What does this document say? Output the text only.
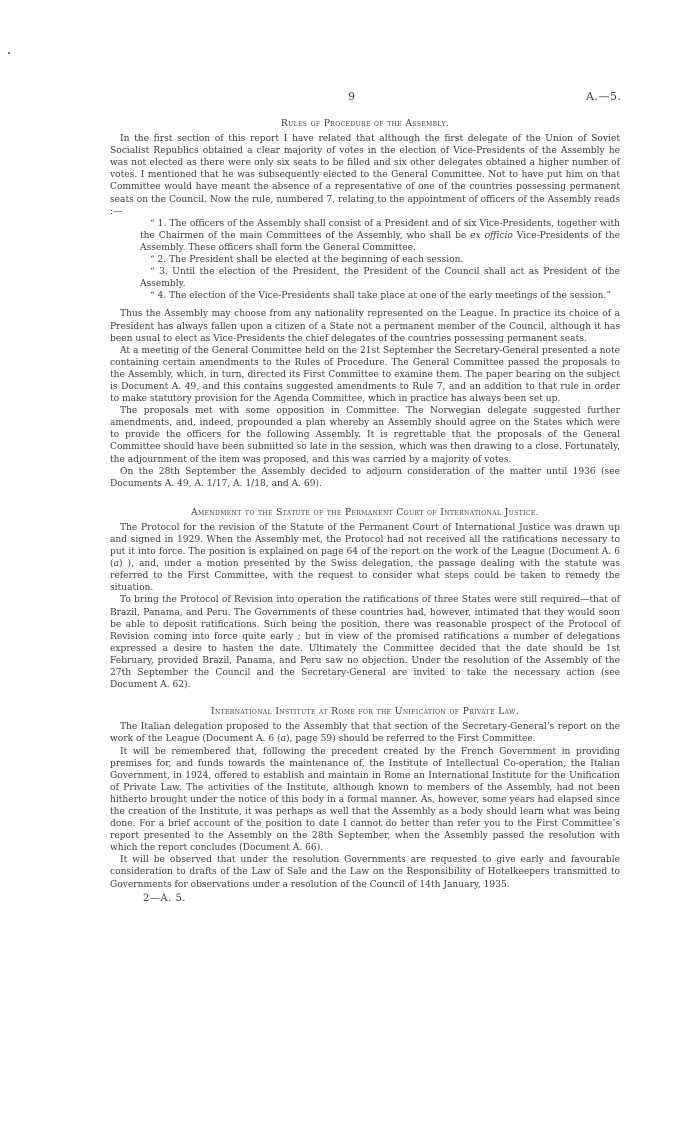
9	A.—5.
Rules of Procedure of the Assembly.

In the first section of this report I have related that although the first delegate of the Union of Soviet Socialist Republics obtained a clear majority of votes in the election of Vice-Presidents of the Assembly he was not elected as there were only six seats to be filled and six other delegates obtained a higher number of votes. I mentioned that he was subsequently elected to the General Committee. Not to have put him on that Committee would have meant the absence of a representative of one of the countries possessing permanent seats on the Council. Now the rule, numbered 7, relating to the appointment of officers of the Assembly reads :—

“ 1. The officers of the Assembly shall consist of a President and of six Vice-Presidents, together with the Chairmen of the main Committees of the Assembly, who shall be ex officio Vice-Presidents of the Assembly. These officers shall form the General Committee.

“ 2. The President shall be elected at the beginning of each session.

“ 3. Until the election of the President, the President of the Council shall act as President of the Assembly.

“ 4. The election of the Vice-Presidents shall take place at one of the early meetings of the session.”

Thus the Assembly may choose from any nationality represented on the League. In practice its choice of a President has always fallen upon a citizen of a State not a permanent member of the Council, although it has been usual to elect as Vice-Presidents the chief delegates of the countries possessing permanent seats.

At a meeting of the General Committee held on the 21st September the Secretary-General presented a note containing certain amendments to the Rules of Procedure. The General Committee passed the proposals to the Assembly, which, in turn, directed its First Committee to examine them. The paper bearing on the subject is Document A. 49, and this contains suggested amendments to Rule 7, and an addition to that rule in order to make statutory provision for the Agenda Committee, which in practice has always been set up.

The proposals met with some opposition in Committee. The Norwegian delegate suggested further amendments, and, indeed, propounded a plan whereby an Assembly should agree on the States which were to provide the officers for the following Assembly. It is regrettable that the proposals of the General Committee should have been submitted so late in the session, which was then drawing to a close. Fortunately, the adjournment of the item was proposed, and this was carried by a majority of votes.

On the 28th September the Assembly decided to adjourn consideration of the matter until 1936 (see Documents A. 49, A. 1/17, A. 1/18, and A. 69).

Amendment to the Statute of the Permanent Court of International Justice.

The Protocol for the revision of the Statute of the Permanent Court of International Justice was drawn up and signed in 1929. When the Assembly met, the Protocol had not received all the ratifications necessary to put it into force. The position is explained on page 64 of the report on the work of the League (Document A. 6 (a) ), and, under a motion presented by the Swiss delegation, the passage dealing with the statute was referred to the First Committee, with the request to consider what steps could be taken to remedy the situation.

To bring the Protocol of Revision into operation the ratifications of three States were still required—that of Brazil, Panama, and Peru. The Governments of these countries had, however, intimated that they would soon be able to deposit ratifications. Such being the position, there was reasonable prospect of the Protocol of Revision coming into force quite early ; but in view of the promised ratifications a number of delegations expressed a desire to hasten the date. Ultimately the Committee decided that the date should be 1st February, provided Brazil, Panama, and Peru saw no objection. Under the resolution of the Assembly of the 27th September the Council and the Secretary-General are invited to take the necessary action (see Document A. 62).

International Institute at Rome for the Unification of Private Law.

The Italian delegation proposed to the Assembly that that section of the Secretary-General’s report on the work of the League (Document A. 6 (a), page 59) should be referred to the First Committee.

It will be remembered that, following the precedent created by the French Government in providing premises for, and funds towards the maintenance of, the Institute of Intellectual Co-operation, the Italian Government, in 1924, offered to establish and maintain in Rome an International Institute for the Unification of Private Law. The activities of the Institute, although known to members of the Assembly, had not been hitherto brought under the notice of this body in a formal manner. As, however, some years had elapsed since the creation of the Institute, it was perhaps as well that the Assembly as a body should learn what was being done. For a brief account of the position to date I cannot do better than refer you to the First Committee’s report presented to the Assembly on the 28th September, when the Assembly passed the resolution with which the report concludes (Document A. 66).

It will be observed that under the resolution Governments are requested to give early and favourable consideration to drafts of the Law of Sale and the Law on the Responsibility of Hotelkeepers transmitted to Governments for observations under a resolution of the Council of 14th January, 1935.

2—A. 5.
